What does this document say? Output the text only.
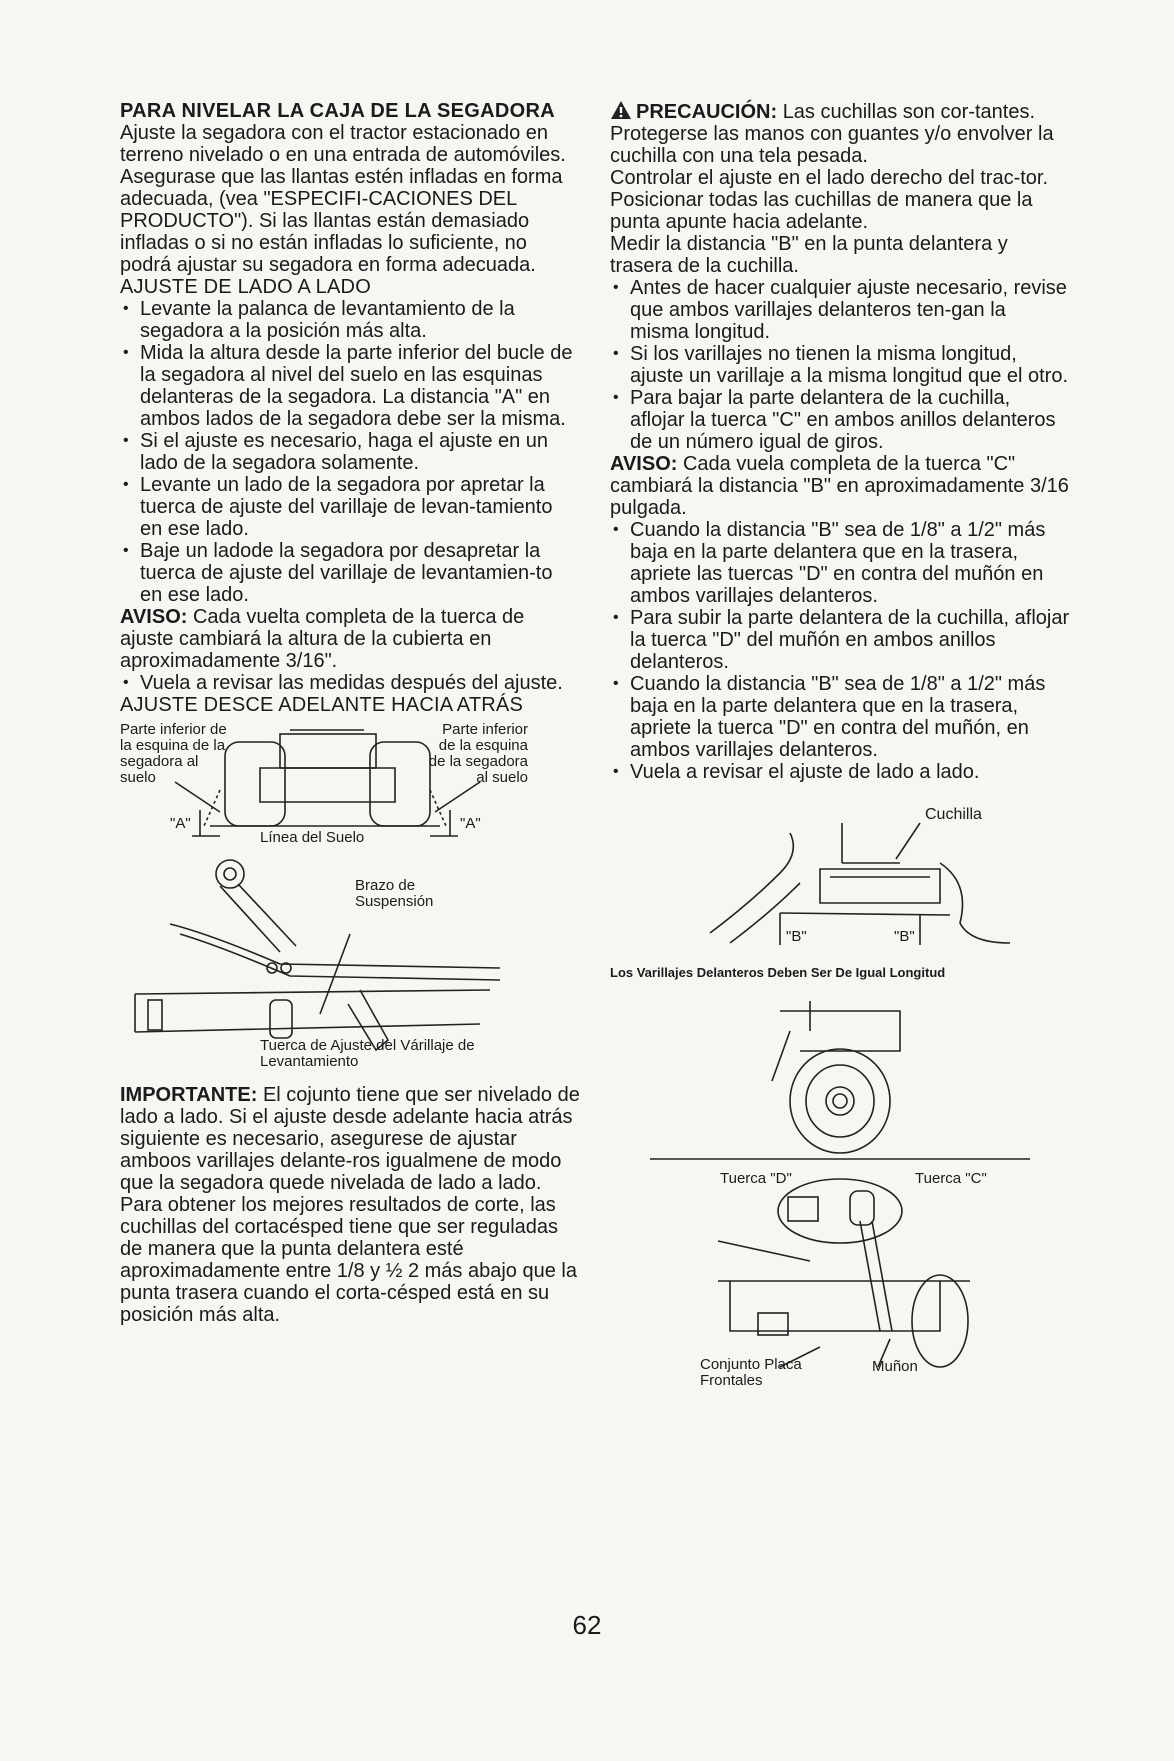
PARA NIVELAR LA CAJA DE LA SEGADORA

Ajuste la segadora con el tractor estacionado en terreno nivelado o en una entrada de automóviles. Asegurase que las llantas estén infladas en forma adecuada, (vea "ESPECIFI-CACIONES DEL PRODUCTO"). Si las llantas están demasiado infladas o si no están infladas lo suficiente, no podrá ajustar su segadora en forma adecuada.

AJUSTE DE LADO A LADO

• Levante la palanca de levantamiento de la segadora a la posición más alta.
• Mida la altura desde la parte inferior del bucle de la segadora al nivel del suelo en las esquinas delanteras de la segadora. La distancia "A" en ambos lados de la segadora debe ser la misma.
• Si el ajuste es necesario, haga el ajuste en un lado de la segadora solamente.
• Levante un lado de la segadora por apretar la tuerca de ajuste del varillaje de levan-tamiento en ese lado.
• Baje un ladode la segadora por desapretar la tuerca de ajuste del varillaje de levantamien-to en ese lado.

AVISO: Cada vuelta completa de la tuerca de ajuste cambiará la altura de la cubierta en aproximadamente 3/16".

• Vuela a revisar las medidas después del ajuste.

AJUSTE DESCE ADELANTE HACIA ATRÁS

Parte inferior de la esquina de la segadora al suelo
Parte inferior de la esquina de la segadora al suelo
"A"	"A"
Línea del Suelo
Brazo de Suspensión
Tuerca de Ajuste del Várillaje de Levantamiento

IMPORTANTE: El cojunto tiene que ser nivelado de lado a lado. Si el ajuste desde adelante hacia atrás siguiente es necesario, asegurese de ajustar amboos varillajes delante-ros igualmene de modo que la segadora quede nivelada de lado a lado.

Para obtener los mejores resultados de corte, las cuchillas del cortacésped tiene que ser reguladas de manera que la punta delantera esté aproximadamente entre 1/8 y ½ 2 más abajo que la punta trasera cuando el corta-césped está en su posición más alta.

PRECAUCIÓN: Las cuchillas son cor-tantes. Protegerse las manos con guantes y/o envolver la cuchilla con una tela pesada.

Controlar el ajuste en el lado derecho del trac-tor. Posicionar todas las cuchillas de manera que la punta apunte hacia adelante.

Medir la distancia "B" en la punta delantera y trasera de la cuchilla.

• Antes de hacer cualquier ajuste necesario, revise que ambos varillajes delanteros ten-gan la misma longitud.
• Si los varillajes no tienen la misma longitud, ajuste un varillaje a la misma longitud que el otro.
• Para bajar la parte delantera de la cuchilla, aflojar la tuerca "C" en ambos anillos delanteros de un número igual de giros.

AVISO: Cada vuela completa de la tuerca "C" cambiará la distancia "B" en aproximadamente 3/16 pulgada.

• Cuando la distancia "B" sea de 1/8" a 1/2" más baja en la parte delantera que en la trasera, apriete las tuercas "D" en contra del muñón en ambos varillajes delanteros.
• Para subir la parte delantera de la cuchilla, aflojar la tuerca "D" del muñón en ambos anillos delanteros.
• Cuando la distancia "B" sea de 1/8" a 1/2" más baja en la parte delantera que en la trasera, apriete la tuerca "D" en contra del muñón, en ambos varillajes delanteros.
• Vuela a revisar el ajuste de lado a lado.
Cuchilla
"B"	"B"

Los Varillajes Delanteros Deben Ser De Igual Longitud

Tuerca "D"	Tuerca "C"
Conjunto Placa Frontales
Muñon
62
